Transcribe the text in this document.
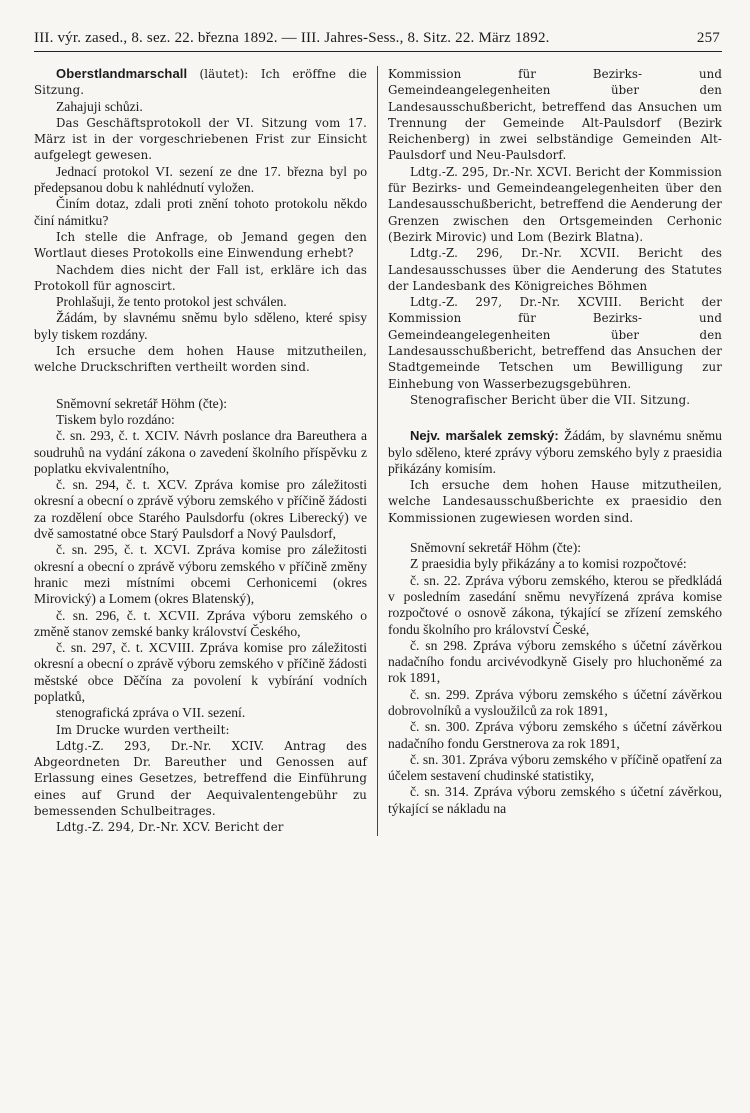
III. výr. zased., 8. sez. 22. března 1892. — III. Jahres-Sess., 8. Sitz. 22. März 1892.	257

Oberstlandmarschall (läutet): Ich eröffne die Sitzung.

Zahajuji schůzi.

Das Geschäftsprotokoll der VI. Sitzung vom 17. März ist in der vorgeschriebenen Frist zur Einsicht aufgelegt gewesen.

Jednací protokol VI. sezení ze dne 17. března byl po předepsanou dobu k nahlédnutí vyložen.

Činím dotaz, zdali proti znění tohoto protokolu někdo činí námitku?

Ich stelle die Anfrage, ob Jemand gegen den Wortlaut dieses Protokolls eine Einwendung erhebt?

Nachdem dies nicht der Fall ist, erkläre ich das Protokoll für agnoscirt.

Prohlašuji, že tento protokol jest schválen.

Žádám, by slavnému sněmu bylo sděleno, které spisy byly tiskem rozdány.

Ich ersuche dem hohen Hause mitzutheilen, welche Druckschriften vertheilt worden sind.

Sněmovní sekretář Höhm (čte):

Tiskem bylo rozdáno:

č. sn. 293, č. t. XCIV. Návrh poslance dra Bareuthera a soudruhů na vydání zákona o zavedení školního příspěvku z poplatku ekvivalentního,

č. sn. 294, č. t. XCV. Zpráva komise pro záležitosti okresní a obecní o zprávě výboru zemského v příčině žádosti za rozdělení obce Starého Paulsdorfu (okres Liberecký) ve dvě samostatné obce Starý Paulsdorf a Nový Paulsdorf,

č. sn. 295, č. t. XCVI. Zpráva komise pro záležitosti okresní a obecní o zprávě výboru zemského v příčině změny hranic mezi místními obcemi Cerhonicemi (okres Mirovický) a Lomem (okres Blatenský),

č. sn. 296, č. t. XCVII. Zpráva výboru zemského o změně stanov zemské banky království Českého,

č. sn. 297, č. t. XCVIII. Zpráva komise pro záležitosti okresní a obecní o zprávě výboru zemského v příčině žádosti městské obce Děčína za povolení k vybírání vodních poplatků,

stenografická zpráva o VII. sezení.

Im Drucke wurden vertheilt:

Ldtg.-Z. 293, Dr.-Nr. XCIV. Antrag des Abgeordneten Dr. Bareuther und Genossen auf Erlassung eines Gesetzes, betreffend die Einführung eines auf Grund der Aequivalentengebühr zu bemessenden Schulbeitrages.

Ldtg.-Z. 294, Dr.-Nr. XCV. Bericht der

Kommission für Bezirks- und Gemeindeangelegenheiten über den Landesausschußbericht, betreffend das Ansuchen um Trennung der Gemeinde Alt-Paulsdorf (Bezirk Reichenberg) in zwei selbständige Gemeinden Alt-Paulsdorf und Neu-Paulsdorf.

Ldtg.-Z. 295, Dr.-Nr. XCVI. Bericht der Kommission für Bezirks- und Gemeindeangelegenheiten über den Landesausschußbericht, betreffend die Aenderung der Grenzen zwischen den Ortsgemeinden Cerhonic (Bezirk Mirovic) und Lom (Bezirk Blatna).

Ldtg.-Z. 296, Dr.-Nr. XCVII. Bericht des Landesausschusses über die Aenderung des Statutes der Landesbank des Königreiches Böhmen

Ldtg.-Z. 297, Dr.-Nr. XCVIII. Bericht der Kommission für Bezirks- und Gemeindeangelegenheiten über den Landesausschußbericht, betreffend das Ansuchen der Stadtgemeinde Tetschen um Bewilligung zur Einhebung von Wasserbezugsgebühren.

Stenografischer Bericht über die VII. Sitzung.

Nejv. maršalek zemský: Žádám, by slavnému sněmu bylo sděleno, které zprávy výboru zemského byly z praesidia přikázány komisím.

Ich ersuche dem hohen Hause mitzutheilen, welche Landesausschußberichte ex praesidio den Kommissionen zugewiesen worden sind.

Sněmovní sekretář Höhm (čte):

Z praesidia byly přikázány a to komisi rozpočtové:

č. sn. 22. Zpráva výboru zemského, kterou se předkládá v posledním zasedání sněmu nevyřízená zpráva komise rozpočtové o osnově zákona, týkající se zřízení zemského fondu školního pro království České,

č. sn 298. Zpráva výboru zemského s účetní závěrkou nadačního fondu arcivévodkyně Gisely pro hluchoněmé za rok 1891,

č. sn. 299. Zpráva výboru zemského s účetní závěrkou dobrovolníků a vysloužilců za rok 1891,

č. sn. 300. Zpráva výboru zemského s účetní závěrkou nadačního fondu Gerstnerova za rok 1891,

č. sn. 301. Zpráva výboru zemského v příčině opatření za účelem sestavení chudinské statistiky,

č. sn. 314. Zpráva výboru zemského s účetní závěrkou, týkající se nákladu na
